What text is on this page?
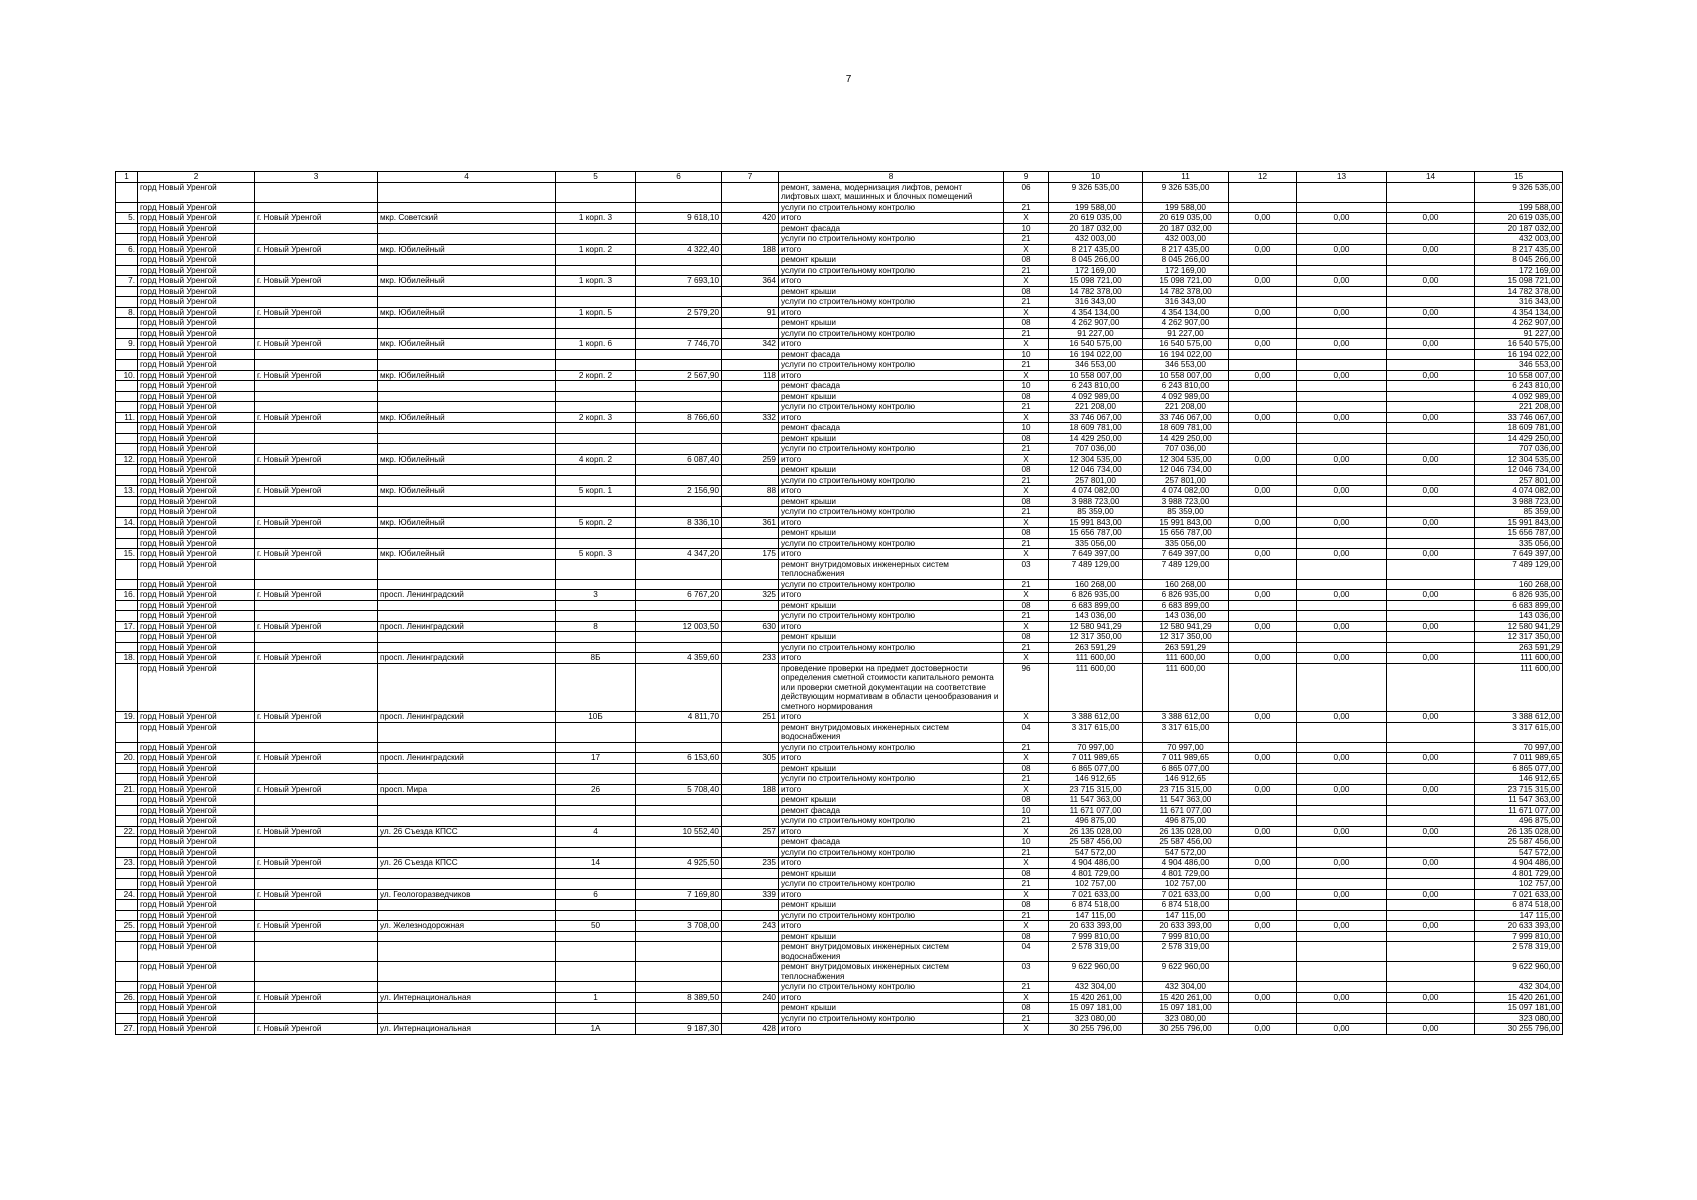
7
1	2	3	4	5	6	7	8	9	10	11	12	13	14	15
	горд Новый Уренгой						ремонт, замена, модернизация лифтов, ремонт лифтовых шахт, машинных и блочных помещений	06	9 326 535,00	9 326 535,00				9 326 535,00
	горд Новый Уренгой						услуги по строительному контролю	21	199 588,00	199 588,00				199 588,00
5.	горд Новый Уренгой	г. Новый Уренгой	мкр. Советский	1 корп. 3	9 618,10	420	итого	Х	20 619 035,00	20 619 035,00	0,00	0,00	0,00	20 619 035,00
	горд Новый Уренгой						ремонт фасада	10	20 187 032,00	20 187 032,00				20 187 032,00
	горд Новый Уренгой						услуги по строительному контролю	21	432 003,00	432 003,00				432 003,00
6.	горд Новый Уренгой	г. Новый Уренгой	мкр. Юбилейный	1 корп. 2	4 322,40	188	итого	Х	8 217 435,00	8 217 435,00	0,00	0,00	0,00	8 217 435,00
	горд Новый Уренгой						ремонт крыши	08	8 045 266,00	8 045 266,00				8 045 266,00
	горд Новый Уренгой						услуги по строительному контролю	21	172 169,00	172 169,00				172 169,00
7.	горд Новый Уренгой	г. Новый Уренгой	мкр. Юбилейный	1 корп. 3	7 693,10	364	итого	Х	15 098 721,00	15 098 721,00	0,00	0,00	0,00	15 098 721,00
	горд Новый Уренгой						ремонт крыши	08	14 782 378,00	14 782 378,00				14 782 378,00
	горд Новый Уренгой						услуги по строительному контролю	21	316 343,00	316 343,00				316 343,00
8.	горд Новый Уренгой	г. Новый Уренгой	мкр. Юбилейный	1 корп. 5	2 579,20	91	итого	Х	4 354 134,00	4 354 134,00	0,00	0,00	0,00	4 354 134,00
	горд Новый Уренгой						ремонт крыши	08	4 262 907,00	4 262 907,00				4 262 907,00
	горд Новый Уренгой						услуги по строительному контролю	21	91 227,00	91 227,00				91 227,00
9.	горд Новый Уренгой	г. Новый Уренгой	мкр. Юбилейный	1 корп. 6	7 746,70	342	итого	Х	16 540 575,00	16 540 575,00	0,00	0,00	0,00	16 540 575,00
	горд Новый Уренгой						ремонт фасада	10	16 194 022,00	16 194 022,00				16 194 022,00
	горд Новый Уренгой						услуги по строительному контролю	21	346 553,00	346 553,00				346 553,00
10.	горд Новый Уренгой	г. Новый Уренгой	мкр. Юбилейный	2 корп. 2	2 567,90	118	итого	Х	10 558 007,00	10 558 007,00	0,00	0,00	0,00	10 558 007,00
	горд Новый Уренгой						ремонт фасада	10	6 243 810,00	6 243 810,00				6 243 810,00
	горд Новый Уренгой						ремонт крыши	08	4 092 989,00	4 092 989,00				4 092 989,00
	горд Новый Уренгой						услуги по строительному контролю	21	221 208,00	221 208,00				221 208,00
11.	горд Новый Уренгой	г. Новый Уренгой	мкр. Юбилейный	2 корп. 3	8 766,60	332	итого	Х	33 746 067,00	33 746 067,00	0,00	0,00	0,00	33 746 067,00
	горд Новый Уренгой						ремонт фасада	10	18 609 781,00	18 609 781,00				18 609 781,00
	горд Новый Уренгой						ремонт крыши	08	14 429 250,00	14 429 250,00				14 429 250,00
	горд Новый Уренгой						услуги по строительному контролю	21	707 036,00	707 036,00				707 036,00
12.	горд Новый Уренгой	г. Новый Уренгой	мкр. Юбилейный	4 корп. 2	6 087,40	259	итого	Х	12 304 535,00	12 304 535,00	0,00	0,00	0,00	12 304 535,00
	горд Новый Уренгой						ремонт крыши	08	12 046 734,00	12 046 734,00				12 046 734,00
	горд Новый Уренгой						услуги по строительному контролю	21	257 801,00	257 801,00				257 801,00
13.	горд Новый Уренгой	г. Новый Уренгой	мкр. Юбилейный	5 корп. 1	2 156,90	88	итого	Х	4 074 082,00	4 074 082,00	0,00	0,00	0,00	4 074 082,00
	горд Новый Уренгой						ремонт крыши	08	3 988 723,00	3 988 723,00				3 988 723,00
	горд Новый Уренгой						услуги по строительному контролю	21	85 359,00	85 359,00				85 359,00
14.	горд Новый Уренгой	г. Новый Уренгой	мкр. Юбилейный	5 корп. 2	8 336,10	361	итого	Х	15 991 843,00	15 991 843,00	0,00	0,00	0,00	15 991 843,00
	горд Новый Уренгой						ремонт крыши	08	15 656 787,00	15 656 787,00				15 656 787,00
	горд Новый Уренгой						услуги по строительному контролю	21	335 056,00	335 056,00				335 056,00
15.	горд Новый Уренгой	г. Новый Уренгой	мкр. Юбилейный	5 корп. 3	4 347,20	175	итого	Х	7 649 397,00	7 649 397,00	0,00	0,00	0,00	7 649 397,00
	горд Новый Уренгой						ремонт внутридомовых инженерных систем теплоснабжения	03	7 489 129,00	7 489 129,00				7 489 129,00
	горд Новый Уренгой						услуги по строительному контролю	21	160 268,00	160 268,00				160 268,00
16.	горд Новый Уренгой	г. Новый Уренгой	просп. Ленинградский	3	6 767,20	325	итого	Х	6 826 935,00	6 826 935,00	0,00	0,00	0,00	6 826 935,00
	горд Новый Уренгой						ремонт крыши	08	6 683 899,00	6 683 899,00				6 683 899,00
	горд Новый Уренгой						услуги по строительному контролю	21	143 036,00	143 036,00				143 036,00
17.	горд Новый Уренгой	г. Новый Уренгой	просп. Ленинградский	8	12 003,50	630	итого	Х	12 580 941,29	12 580 941,29	0,00	0,00	0,00	12 580 941,29
	горд Новый Уренгой						ремонт крыши	08	12 317 350,00	12 317 350,00				12 317 350,00
	горд Новый Уренгой						услуги по строительному контролю	21	263 591,29	263 591,29				263 591,29
18.	горд Новый Уренгой	г. Новый Уренгой	просп. Ленинградский	8Б	4 359,60	233	итого	Х	111 600,00	111 600,00	0,00	0,00	0,00	111 600,00
	горд Новый Уренгой						проведение проверки на предмет достоверности определения сметной стоимости капитального ремонта или проверки сметной документации на соответствие действующим нормативам в области ценообразования и сметного нормирования	96	111 600,00	111 600,00				111 600,00
19.	горд Новый Уренгой	г. Новый Уренгой	просп. Ленинградский	10Б	4 811,70	251	итого	Х	3 388 612,00	3 388 612,00	0,00	0,00	0,00	3 388 612,00
	горд Новый Уренгой						ремонт внутридомовых инженерных систем водоснабжения	04	3 317 615,00	3 317 615,00				3 317 615,00
	горд Новый Уренгой						услуги по строительному контролю	21	70 997,00	70 997,00				70 997,00
20.	горд Новый Уренгой	г. Новый Уренгой	просп. Ленинградский	17	6 153,60	305	итого	Х	7 011 989,65	7 011 989,65	0,00	0,00	0,00	7 011 989,65
	горд Новый Уренгой						ремонт крыши	08	6 865 077,00	6 865 077,00				6 865 077,00
	горд Новый Уренгой						услуги по строительному контролю	21	146 912,65	146 912,65				146 912,65
21.	горд Новый Уренгой	г. Новый Уренгой	просп. Мира	26	5 708,40	188	итого	Х	23 715 315,00	23 715 315,00	0,00	0,00	0,00	23 715 315,00
	горд Новый Уренгой						ремонт крыши	08	11 547 363,00	11 547 363,00				11 547 363,00
	горд Новый Уренгой						ремонт фасада	10	11 671 077,00	11 671 077,00				11 671 077,00
	горд Новый Уренгой						услуги по строительному контролю	21	496 875,00	496 875,00				496 875,00
22.	горд Новый Уренгой	г. Новый Уренгой	ул. 26 Съезда КПСС	4	10 552,40	257	итого	Х	26 135 028,00	26 135 028,00	0,00	0,00	0,00	26 135 028,00
	горд Новый Уренгой						ремонт фасада	10	25 587 456,00	25 587 456,00				25 587 456,00
	горд Новый Уренгой						услуги по строительному контролю	21	547 572,00	547 572,00				547 572,00
23.	горд Новый Уренгой	г. Новый Уренгой	ул. 26 Съезда КПСС	14	4 925,50	235	итого	Х	4 904 486,00	4 904 486,00	0,00	0,00	0,00	4 904 486,00
	горд Новый Уренгой						ремонт крыши	08	4 801 729,00	4 801 729,00				4 801 729,00
	горд Новый Уренгой						услуги по строительному контролю	21	102 757,00	102 757,00				102 757,00
24.	горд Новый Уренгой	г. Новый Уренгой	ул. Геологоразведчиков	6	7 169,80	339	итого	Х	7 021 633,00	7 021 633,00	0,00	0,00	0,00	7 021 633,00
	горд Новый Уренгой						ремонт крыши	08	6 874 518,00	6 874 518,00				6 874 518,00
	горд Новый Уренгой						услуги по строительному контролю	21	147 115,00	147 115,00				147 115,00
25.	горд Новый Уренгой	г. Новый Уренгой	ул. Железнодорожная	50	3 708,00	243	итого	Х	20 633 393,00	20 633 393,00	0,00	0,00	0,00	20 633 393,00
	горд Новый Уренгой						ремонт крыши	08	7 999 810,00	7 999 810,00				7 999 810,00
	горд Новый Уренгой						ремонт внутридомовых инженерных систем водоснабжения	04	2 578 319,00	2 578 319,00				2 578 319,00
	горд Новый Уренгой						ремонт внутридомовых инженерных систем теплоснабжения	03	9 622 960,00	9 622 960,00				9 622 960,00
	горд Новый Уренгой						услуги по строительному контролю	21	432 304,00	432 304,00				432 304,00
26.	горд Новый Уренгой	г. Новый Уренгой	ул. Интернациональная	1	8 389,50	240	итого	Х	15 420 261,00	15 420 261,00	0,00	0,00	0,00	15 420 261,00
	горд Новый Уренгой						ремонт крыши	08	15 097 181,00	15 097 181,00				15 097 181,00
	горд Новый Уренгой						услуги по строительному контролю	21	323 080,00	323 080,00				323 080,00
27.	горд Новый Уренгой	г. Новый Уренгой	ул. Интернациональная	1А	9 187,30	428	итого	Х	30 255 796,00	30 255 796,00	0,00	0,00	0,00	30 255 796,00
